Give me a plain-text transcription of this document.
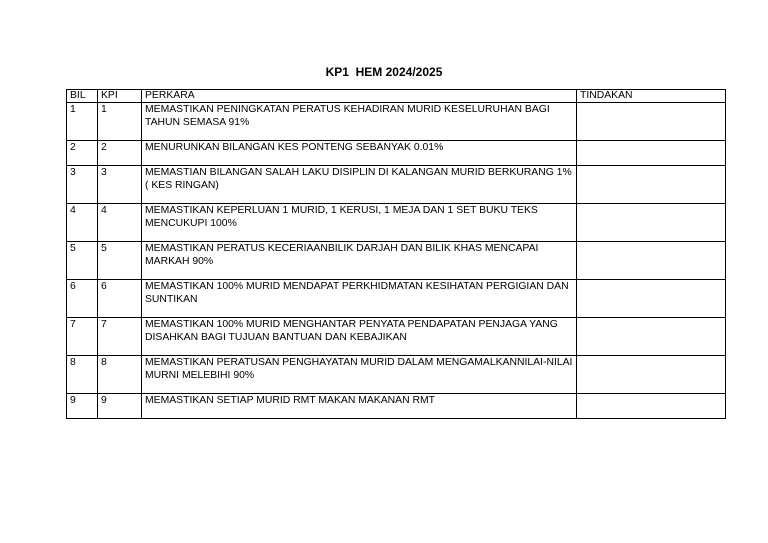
KP1  HEM 2024/2025
BIL	KPI	PERKARA	TINDAKAN
1	1	MEMASTIKAN PENINGKATAN PERATUS KEHADIRAN MURID KESELURUHAN BAGI TAHUN SEMASA 91%	
2	2	MENURUNKAN BILANGAN KES PONTENG SEBANYAK 0.01%	
3	3	MEMASTIAN BILANGAN SALAH LAKU DISIPLIN DI KALANGAN MURID BERKURANG 1% ( KES RINGAN)	
4	4	MEMASTIKAN KEPERLUAN 1 MURID, 1 KERUSI, 1 MEJA DAN 1 SET BUKU TEKS MENCUKUPI 100%	
5	5	MEMASTIKAN PERATUS KECERIAANBILIK DARJAH DAN BILIK KHAS MENCAPAI MARKAH 90%	
6	6	MEMASTIKAN 100% MURID MENDAPAT PERKHIDMATAN KESIHATAN PERGIGIAN DAN SUNTIKAN	
7	7	MEMASTIKAN 100% MURID MENGHANTAR PENYATA PENDAPATAN PENJAGA YANG DISAHKAN BAGI TUJUAN BANTUAN DAN KEBAJIKAN	
8	8	MEMASTIKAN PERATUSAN PENGHAYATAN MURID DALAM MENGAMALKANNILAI-NILAI MURNI MELEBIHI 90%	
9	9	MEMASTIKAN SETIAP MURID RMT MAKAN MAKANAN RMT	
